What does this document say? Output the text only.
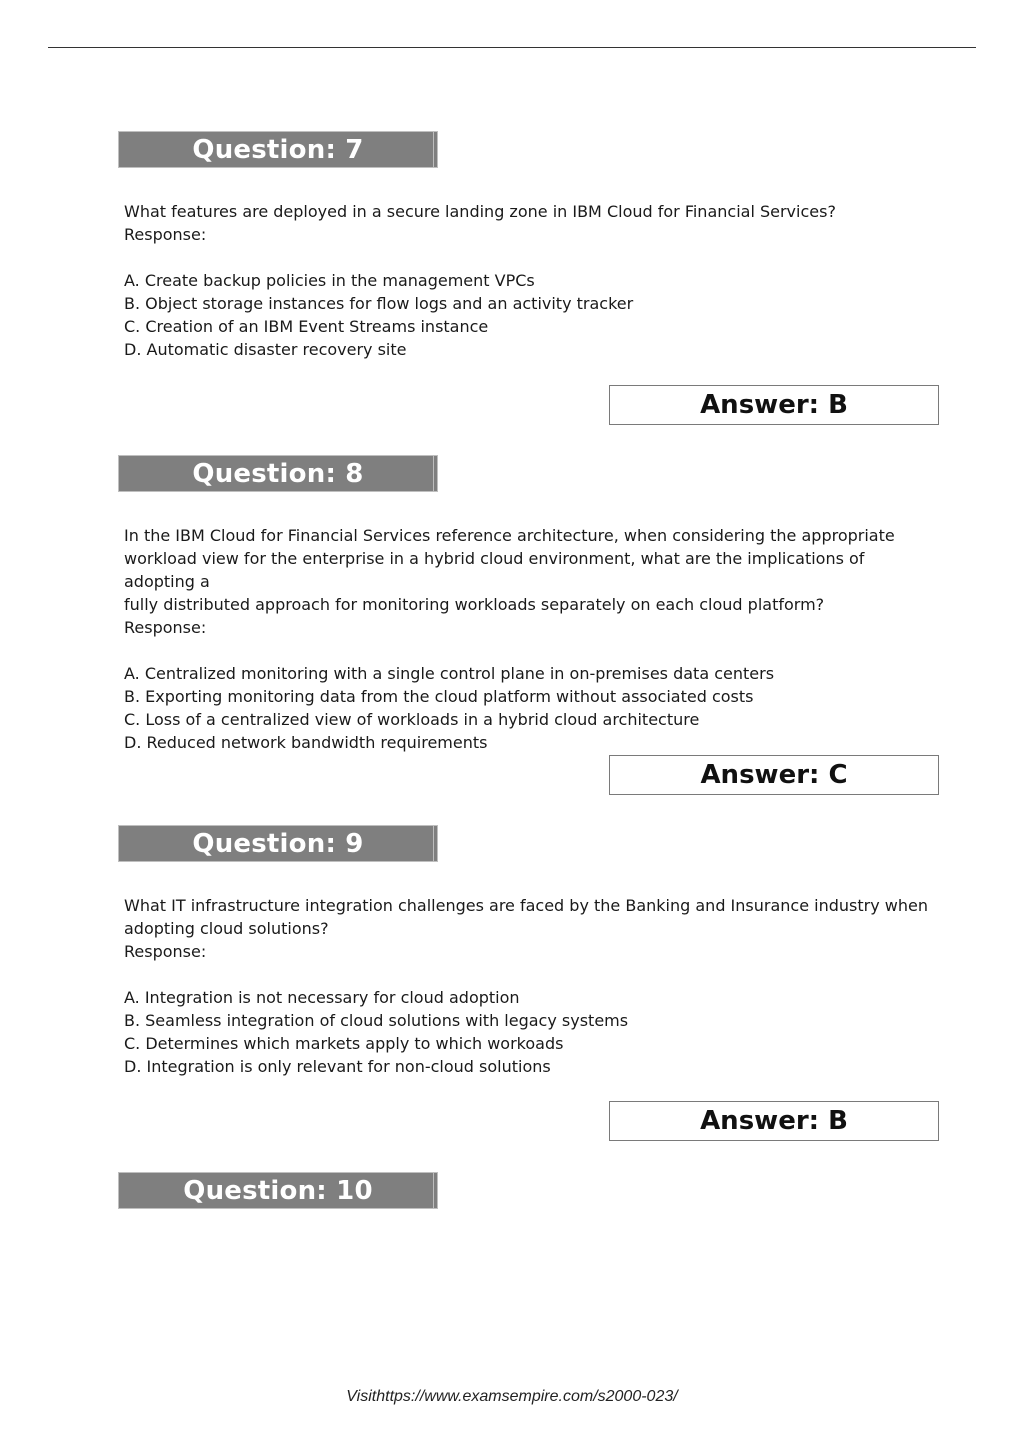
Question: 7

What features are deployed in a secure landing zone in IBM Cloud for Financial Services?

Response:

A. Create backup policies in the management VPCs

B. Object storage instances for flow logs and an activity tracker

C. Creation of an IBM Event Streams instance

D. Automatic disaster recovery site

Answer: B
Question: 8

In the IBM Cloud for Financial Services reference architecture, when considering the appropriate

workload view for the enterprise in a hybrid cloud environment, what are the implications of adopting a

fully distributed approach for monitoring workloads separately on each cloud platform?

Response:

A. Centralized monitoring with a single control plane in on-premises data centers

B. Exporting monitoring data from the cloud platform without associated costs

C. Loss of a centralized view of workloads in a hybrid cloud architecture

D. Reduced network bandwidth requirements

Answer: C
Question: 9

What IT infrastructure integration challenges are faced by the Banking and Insurance industry when

adopting cloud solutions?

Response:

A. Integration is not necessary for cloud adoption

B. Seamless integration of cloud solutions with legacy systems

C. Determines which markets apply to which workoads

D. Integration is only relevant for non-cloud solutions

Answer: B
Question: 10
Visithttps://www.examsempire.com/s2000-023/
